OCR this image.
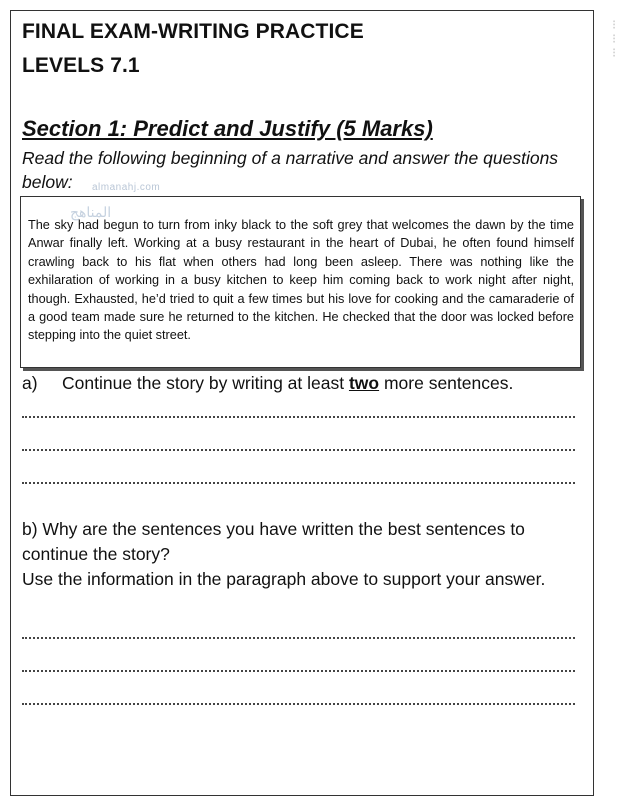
FINAL EXAM-WRITING PRACTICE
LEVELS 7.1
Section 1: Predict and Justify (5 Marks)
Read the following beginning of a narrative and answer the questions below:	almanahj.com
المناهج
The sky had begun to turn from inky black to the soft grey that welcomes the dawn by the time Anwar finally left. Working at a busy restaurant in the heart of Dubai, he often found himself crawling back to his flat when others had long been asleep. There was nothing like the exhilaration of working in a busy kitchen to keep him coming back to work night after night, though. Exhausted, he’d tried to quit a few times but his love for cooking and the camaraderie of a good team made sure he returned to the kitchen. He checked that the door was locked before stepping into the quiet street.
a) Continue the story by writing at least two more sentences.
b) Why are the sentences you have written the best sentences to continue the story?
Use the information in the paragraph above to support your answer.
⁝
⁝
⁝
